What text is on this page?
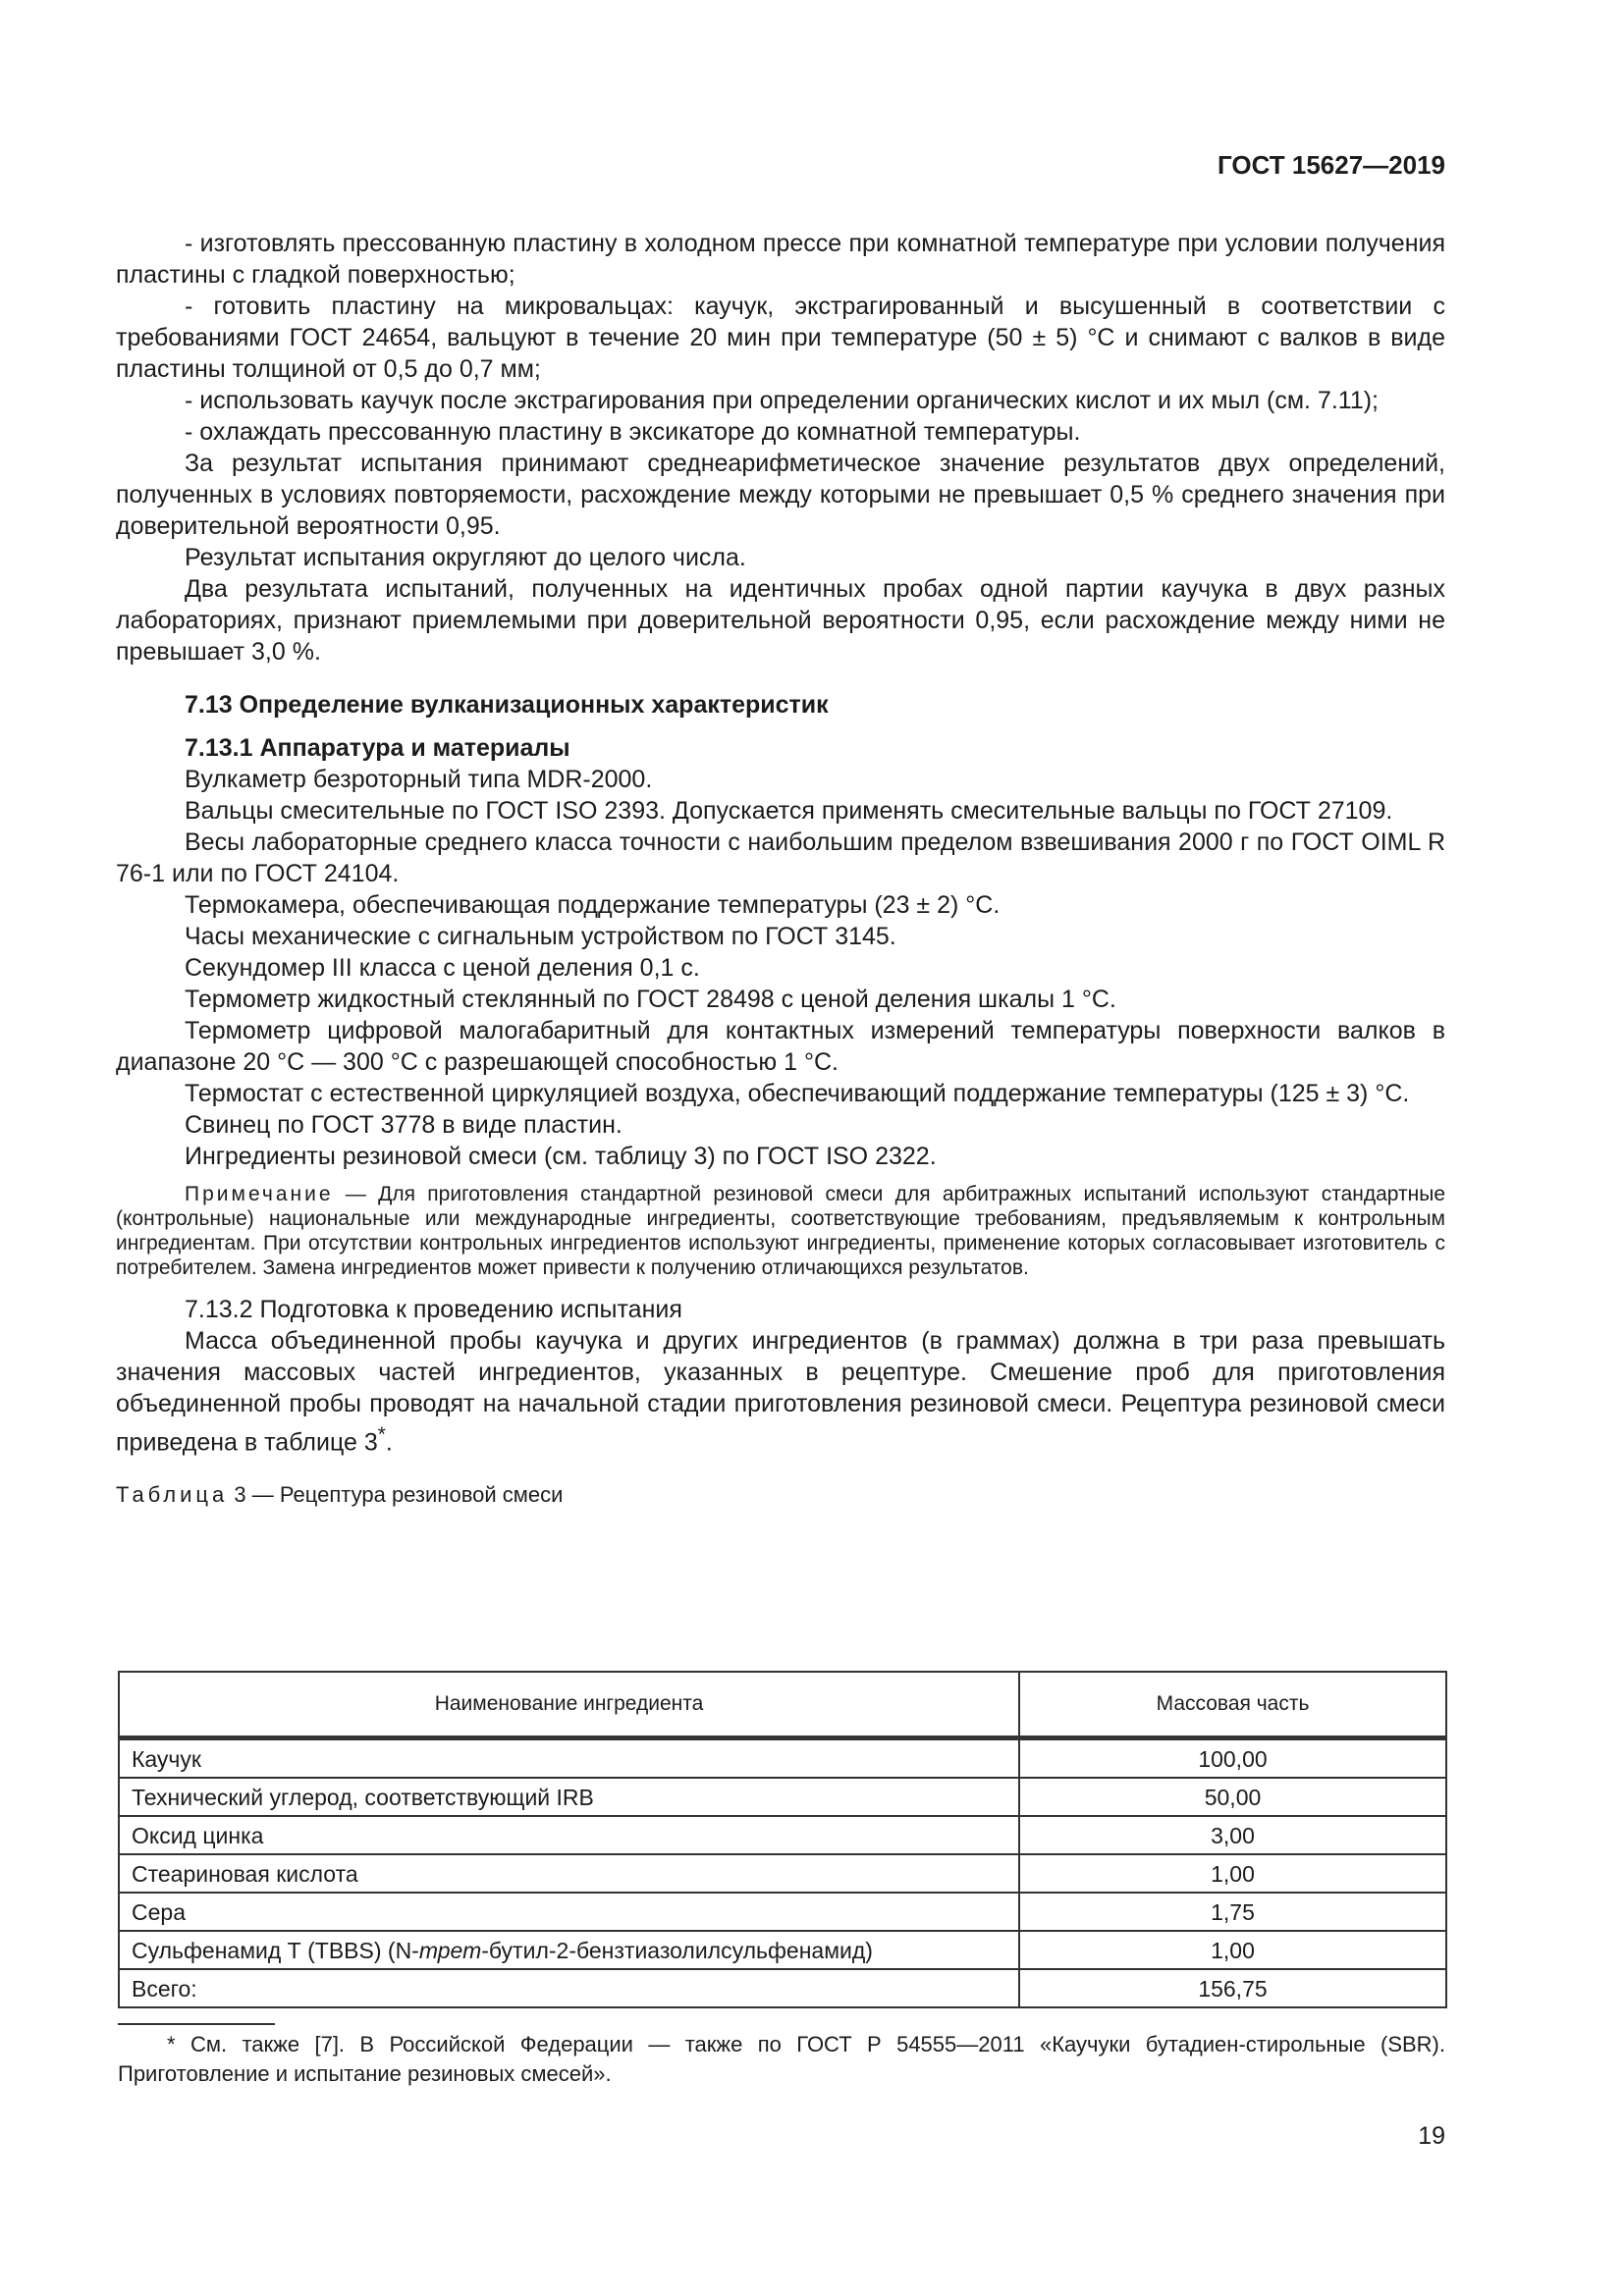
ГОСТ 15627—2019

- изготовлять прессованную пластину в холодном прессе при комнатной температуре при условии получения пластины с гладкой поверхностью;

- готовить пластину на микровальцах: каучук, экстрагированный и высушенный в соответствии с требованиями ГОСТ 24654, вальцуют в течение 20 мин при температуре (50 ± 5) °С и снимают с валков в виде пластины толщиной от 0,5 до 0,7 мм;

- использовать каучук после экстрагирования при определении органических кислот и их мыл (см. 7.11);

- охлаждать прессованную пластину в эксикаторе до комнатной температуры.

За результат испытания принимают среднеарифметическое значение результатов двух определений, полученных в условиях повторяемости, расхождение между которыми не превышает 0,5 % среднего значения при доверительной вероятности 0,95.

Результат испытания округляют до целого числа.

Два результата испытаний, полученных на идентичных пробах одной партии каучука в двух разных лабораториях, признают приемлемыми при доверительной вероятности 0,95, если расхождение между ними не превышает 3,0 %.

7.13 Определение вулканизационных характеристик

7.13.1 Аппаратура и материалы

Вулкаметр безроторный типа MDR-2000.

Вальцы смесительные по ГОСТ ISO 2393. Допускается применять смесительные вальцы по ГОСТ 27109.

Весы лабораторные среднего класса точности с наибольшим пределом взвешивания 2000 г по ГОСТ OIML R 76-1 или по ГОСТ 24104.

Термокамера, обеспечивающая поддержание температуры (23 ± 2) °С.

Часы механические с сигнальным устройством по ГОСТ 3145.

Секундомер III класса с ценой деления 0,1 с.

Термометр жидкостный стеклянный по ГОСТ 28498 с ценой деления шкалы 1 °С.

Термометр цифровой малогабаритный для контактных измерений температуры поверхности валков в диапазоне 20 °С — 300 °С с разрешающей способностью 1 °С.

Термостат с естественной циркуляцией воздуха, обеспечивающий поддержание температуры (125 ± 3) °С.

Свинец по ГОСТ 3778 в виде пластин.

Ингредиенты резиновой смеси (см. таблицу 3) по ГОСТ ISO 2322.

Примечание — Для приготовления стандартной резиновой смеси для арбитражных испытаний используют стандартные (контрольные) национальные или международные ингредиенты, соответствующие требованиям, предъявляемым к контрольным ингредиентам. При отсутствии контрольных ингредиентов используют ингредиенты, применение которых согласовывает изготовитель с потребителем. Замена ингредиентов может привести к получению отличающихся результатов.

7.13.2 Подготовка к проведению испытания

Масса объединенной пробы каучука и других ингредиентов (в граммах) должна в три раза превышать значения массовых частей ингредиентов, указанных в рецептуре. Смешение проб для приготовления объединенной пробы проводят на начальной стадии приготовления резиновой смеси. Рецептура резиновой смеси приведена в таблице 3*.

Таблица 3 — Рецептура резиновой смеси

Наименование ингредиента	Массовая часть
Каучук	100,00
Технический углерод, соответствующий IRB	50,00
Оксид цинка	3,00
Стеариновая кислота	1,00
Сера	1,75
Сульфенамид Т (TBBS) (N-трет-бутил-2-бензтиазолилсульфенамид)	1,00
Всего:	156,75

* См. также [7]. В Российской Федерации — также по ГОСТ Р 54555—2011 «Каучуки бутадиен-стирольные (SBR). Приготовление и испытание резиновых смесей».

19
